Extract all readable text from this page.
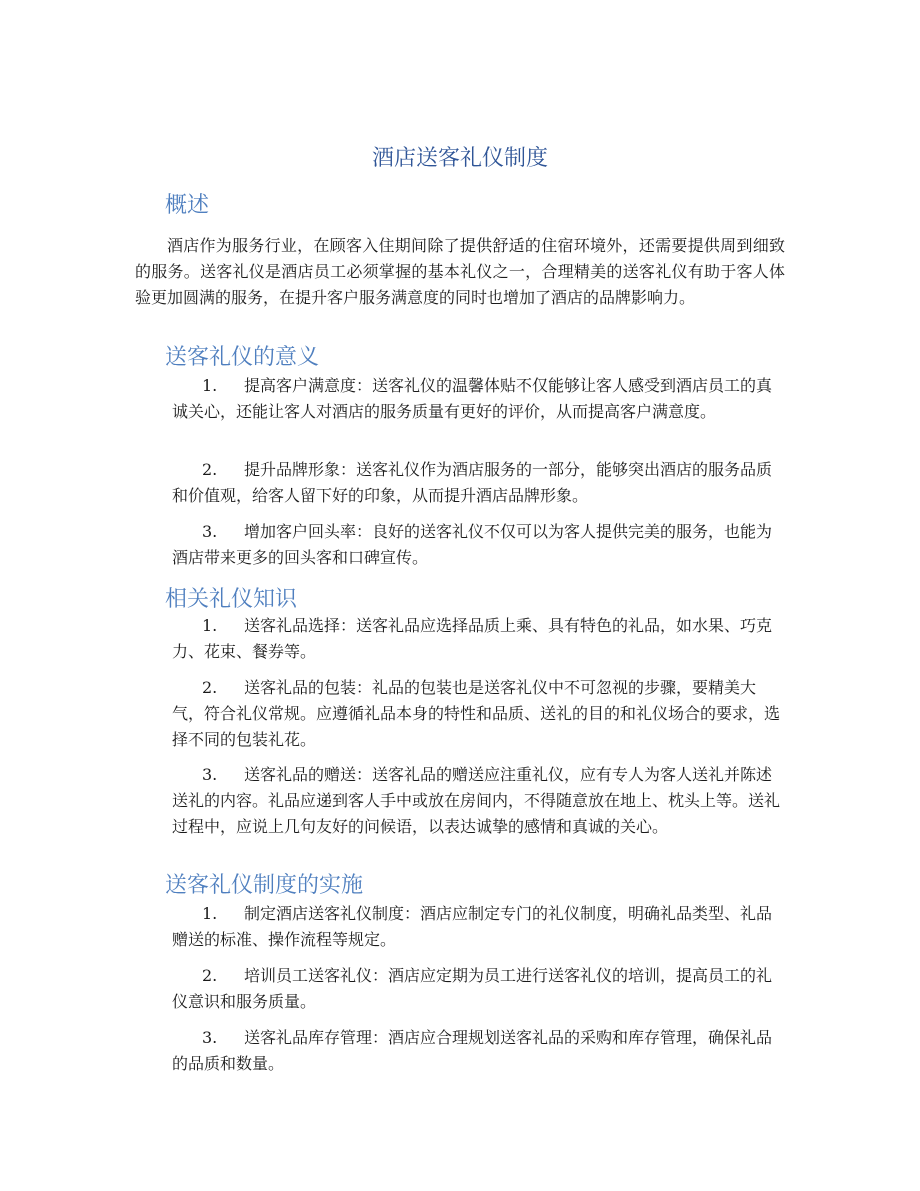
酒店送客礼仪制度
概述

酒店作为服务行业，在顾客入住期间除了提供舒适的住宿环境外，还需要提供周到细致的服务。送客礼仪是酒店员工必须掌握的基本礼仪之一，合理精美的送客礼仪有助于客人体验更加圆满的服务，在提升客户服务满意度的同时也增加了酒店的品牌影响力。

送客礼仪的意义

1. 提高客户满意度：送客礼仪的温馨体贴不仅能够让客人感受到酒店员工的真诚关心，还能让客人对酒店的服务质量有更好的评价，从而提高客户满意度。

2. 提升品牌形象：送客礼仪作为酒店服务的一部分，能够突出酒店的服务品质和价值观，给客人留下好的印象，从而提升酒店品牌形象。

3. 增加客户回头率：良好的送客礼仪不仅可以为客人提供完美的服务，也能为酒店带来更多的回头客和口碑宣传。

相关礼仪知识

1. 送客礼品选择：送客礼品应选择品质上乘、具有特色的礼品，如水果、巧克力、花束、餐券等。

2. 送客礼品的包装：礼品的包装也是送客礼仪中不可忽视的步骤，要精美大气，符合礼仪常规。应遵循礼品本身的特性和品质、送礼的目的和礼仪场合的要求，选择不同的包装礼花。

3. 送客礼品的赠送：送客礼品的赠送应注重礼仪，应有专人为客人送礼并陈述送礼的内容。礼品应递到客人手中或放在房间内，不得随意放在地上、枕头上等。送礼过程中，应说上几句友好的问候语，以表达诚挚的感情和真诚的关心。

送客礼仪制度的实施

1. 制定酒店送客礼仪制度：酒店应制定专门的礼仪制度，明确礼品类型、礼品赠送的标准、操作流程等规定。

2. 培训员工送客礼仪：酒店应定期为员工进行送客礼仪的培训，提高员工的礼仪意识和服务质量。

3. 送客礼品库存管理：酒店应合理规划送客礼品的采购和库存管理，确保礼品的品质和数量。
